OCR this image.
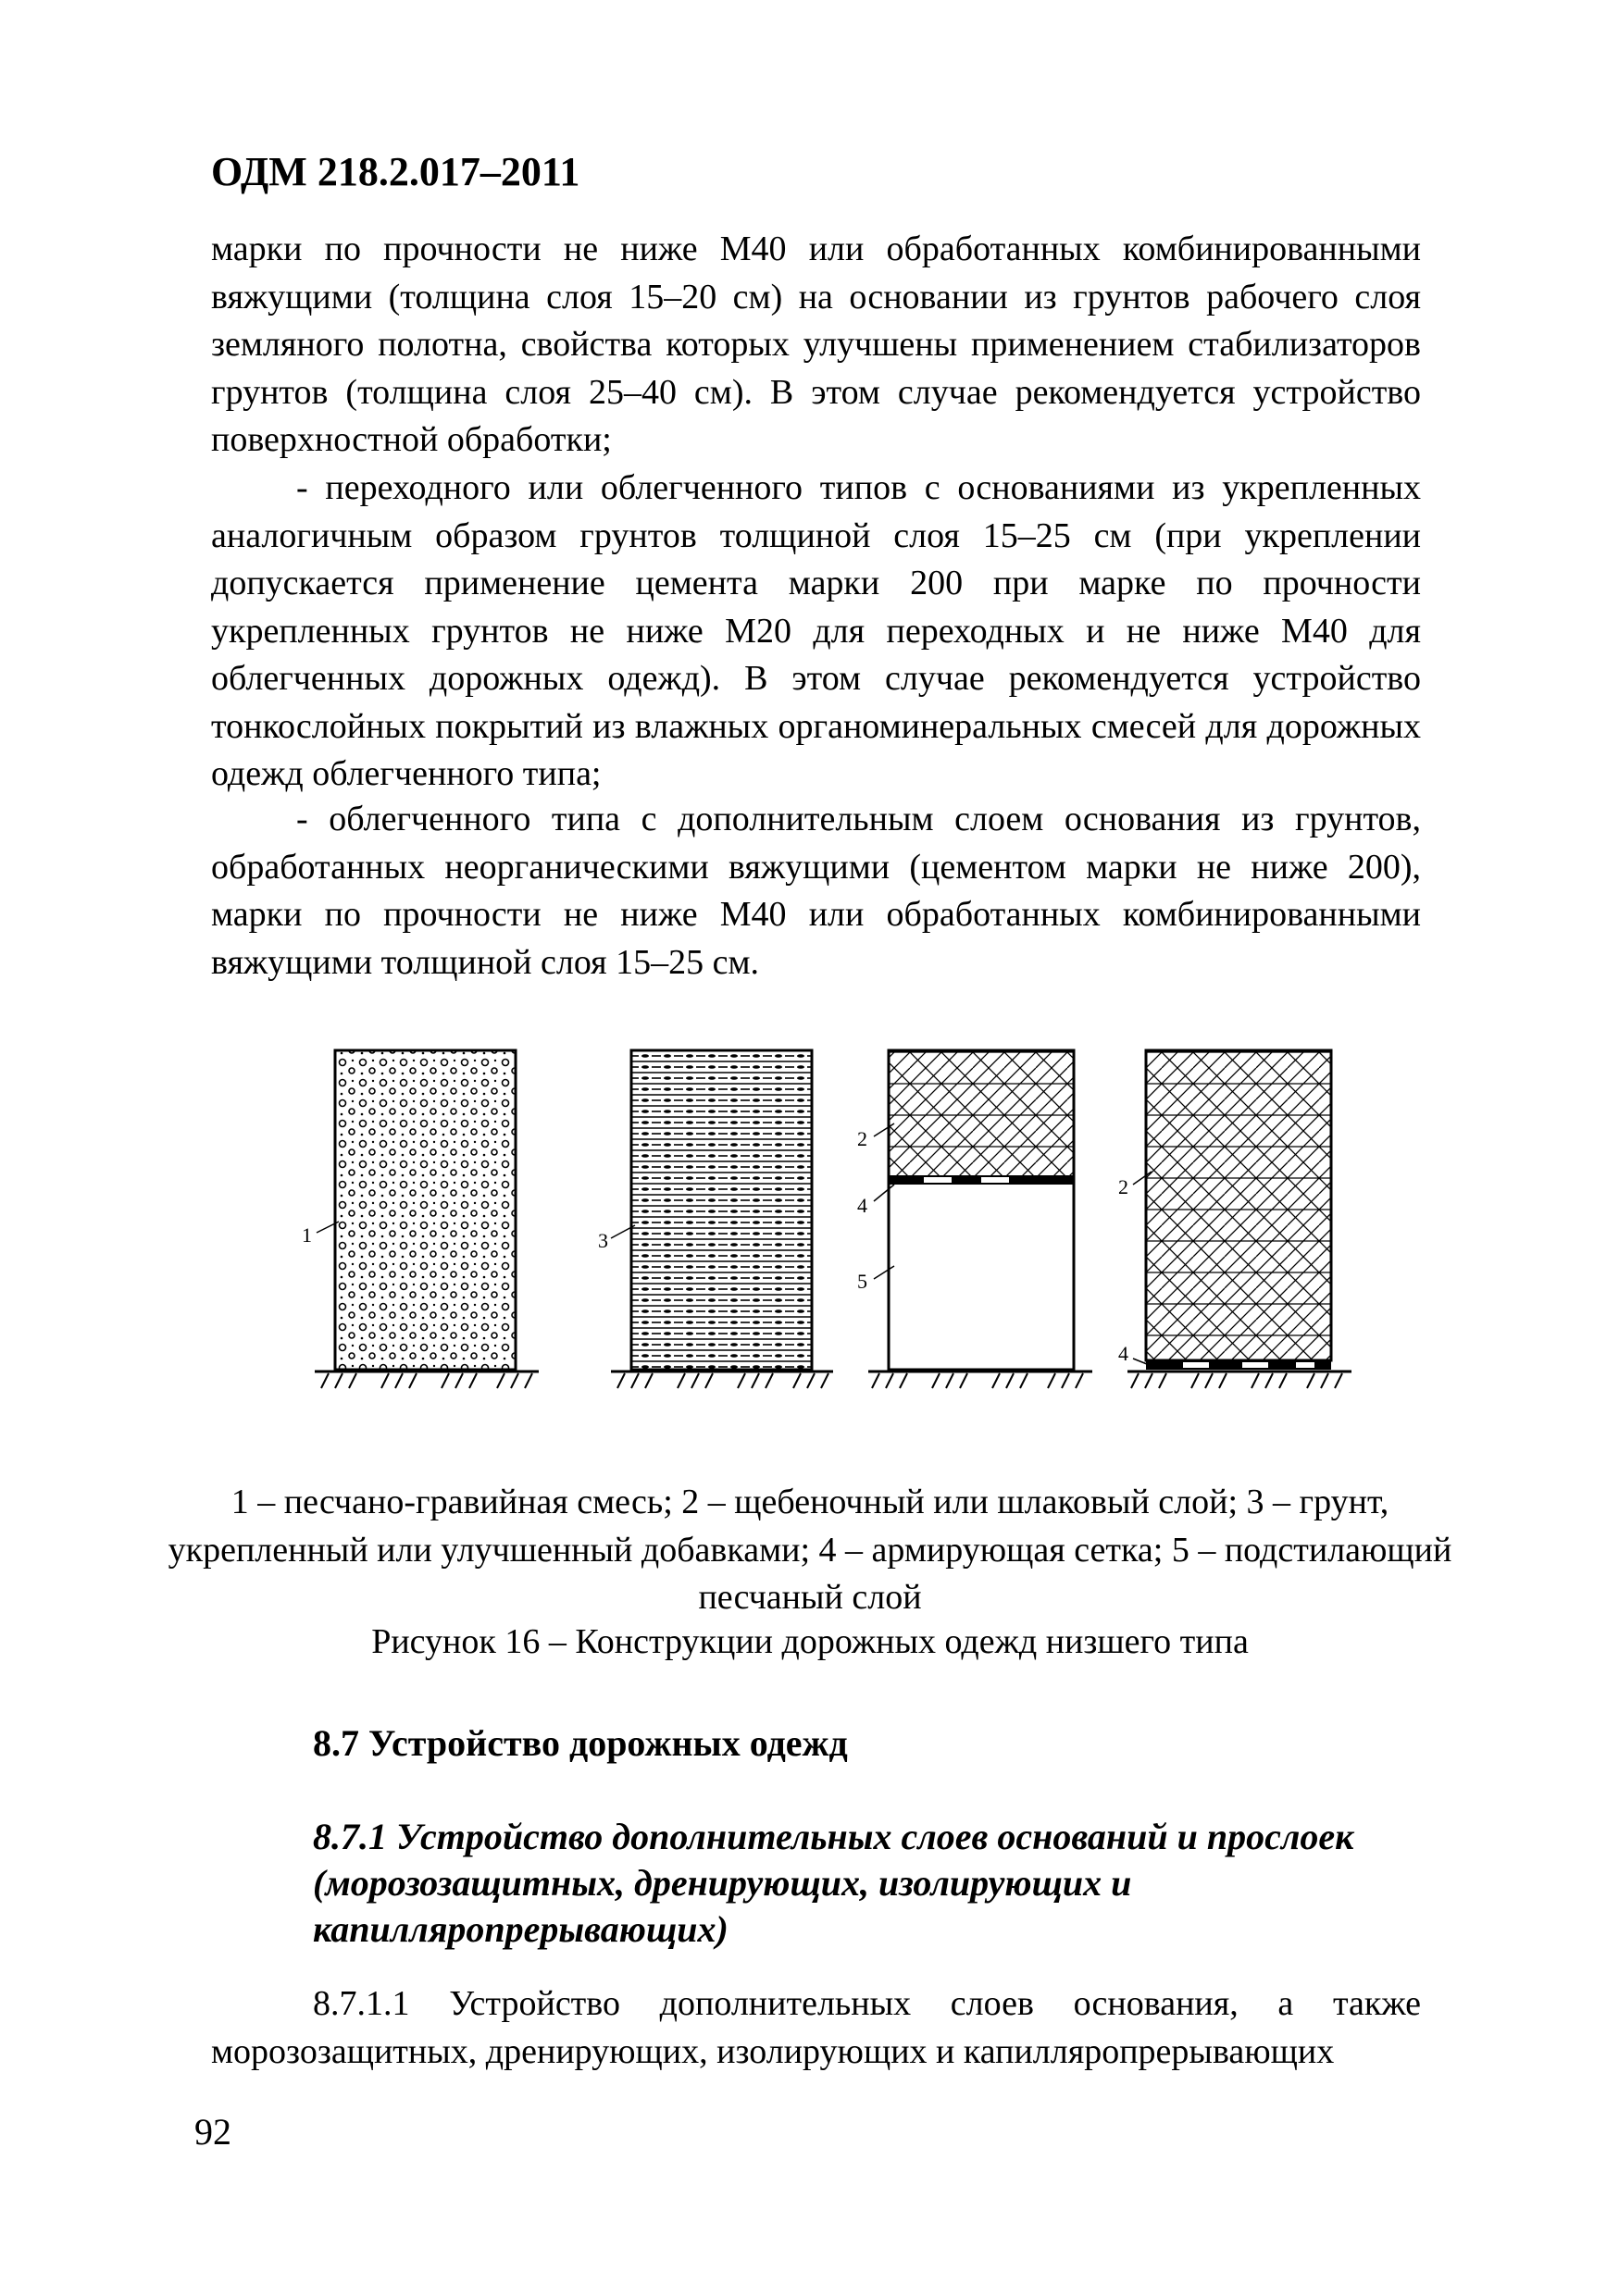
ОДМ 218.2.017–2011

марки по прочности не ниже М40 или обработанных комбинированными вяжущими (толщина слоя 15–20 см) на основании из грунтов рабочего слоя земляного полотна, свойства которых улучшены применением стабилизаторов грунтов (толщина слоя 25–40 см). В этом случае рекомендуется устройство поверхностной обработки;

- переходного или облегченного типов с основаниями из укрепленных аналогичным образом грунтов толщиной слоя 15–25 см (при укреплении допускается применение цемента марки 200 при марке по прочности укрепленных грунтов не ниже М20 для переходных и не ниже М40 для облегченных дорожных одежд). В этом случае рекомендуется устройство тонкослойных покрытий из влажных органоминеральных смесей для дорожных одежд облегченного типа;

- облегченного типа с дополнительным слоем основания из грунтов, обработанных неорганическими вяжущими (цементом марки не ниже 200), марки по прочности не ниже М40 или обработанных комбинированными вяжущими толщиной слоя 15–25 см.

1	3
2
4
5
2
4
1 – песчано-гравийная смесь; 2 – щебеночный или шлаковый слой; 3 – грунт, укрепленный или улучшенный добавками; 4 – армирующая сетка; 5 – подстилающий песчаный слой
Рисунок 16 – Конструкции дорожных одежд низшего типа
8.7 Устройство дорожных одежд
8.7.1 Устройство дополнительных слоев оснований и прослоек (морозозащитных, дренирующих, изолирующих и капилляропрерывающих)

8.7.1.1 Устройство дополнительных слоев основания, а также морозозащитных, дренирующих, изолирующих и капилляропрерывающих

92
